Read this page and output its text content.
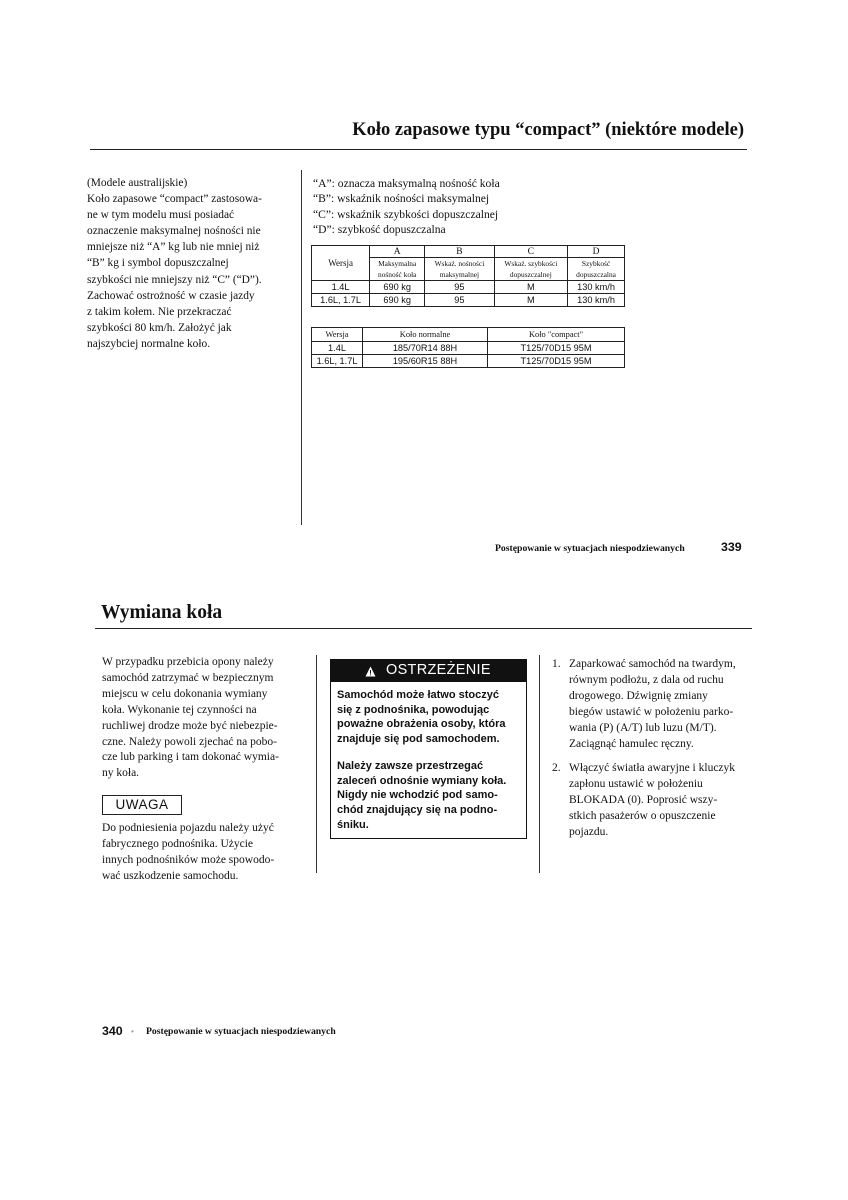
Koło zapasowe typu “compact” (niektóre modele)
(Modele australijskie)
Koło zapasowe “compact” zastosowa-
ne w tym modelu musi posiadać
oznaczenie maksymalnej nośności nie
mniejsze niż “A” kg lub nie mniej niż
“B” kg i symbol dopuszczalnej
szybkości nie mniejszy niż “C” (“D”).
Zachować ostrożność w czasie jazdy
z takim kołem. Nie przekraczać
szybkości 80 km/h. Założyć jak
najszybciej normalne koło.
“A”: oznacza maksymalną nośność koła
“B”: wskaźnik nośności maksymalnej
“C”: wskaźnik szybkości dopuszczalnej
“D”: szybkość dopuszczalna
Wersja	A	B	C	D
	Maksymalna	Wskaź. nośności	Wskaź. szybkości	Szybkość
	nośność koła	maksymalnej	dopuszczalnej	dopuszczalna
1.4L	690 kg	95	M	130 km/h
1.6L, 1.7L	690 kg	95	M	130 km/h
Wersja	Koło normalne	Koło "compact"
1.4L	185/70R14 88H	T125/70D15 95M
1.6L, 1.7L	195/60R15 88H	T125/70D15 95M
Postępowanie w sytuacjach niespodziewanych	339
Wymiana koła
W przypadku przebicia opony należy
samochód zatrzymać w bezpiecznym
miejscu w celu dokonania wymiany
koła. Wykonanie tej czynności na
ruchliwej drodze może być niebezpie-
czne. Należy powoli zjechać na pobo-
cze lub parking i tam dokonać wymia-
ny koła.
UWAGA
Do podniesienia pojazdu należy użyć
fabrycznego podnośnika. Użycie
innych podnośników może spowodo-
wać uszkodzenie samochodu.
OSTRZEŻENIE
Samochód może łatwo stoczyć
się z podnośnika, powodując
poważne obrażenia osoby, która
znajduje się pod samochodem.
Należy zawsze przestrzegać
zaleceń odnośnie wymiany koła.
Nigdy nie wchodzić pod samo-
chód znajdujący się na podno-
śniku.
1. Zaparkować samochód na twardym,
równym podłożu, z dala od ruchu
drogowego. Dźwignię zmiany
biegów ustawić w położeniu parko-
wania (P) (A/T) lub luzu (M/T).
Zaciągnąć hamulec ręczny.
2. Włączyć światła awaryjne i kluczyk
zapłonu ustawić w położeniu
BLOKADA (0). Poprosić wszy-
stkich pasażerów o opuszczenie
pojazdu.
340 • Postępowanie w sytuacjach niespodziewanych
